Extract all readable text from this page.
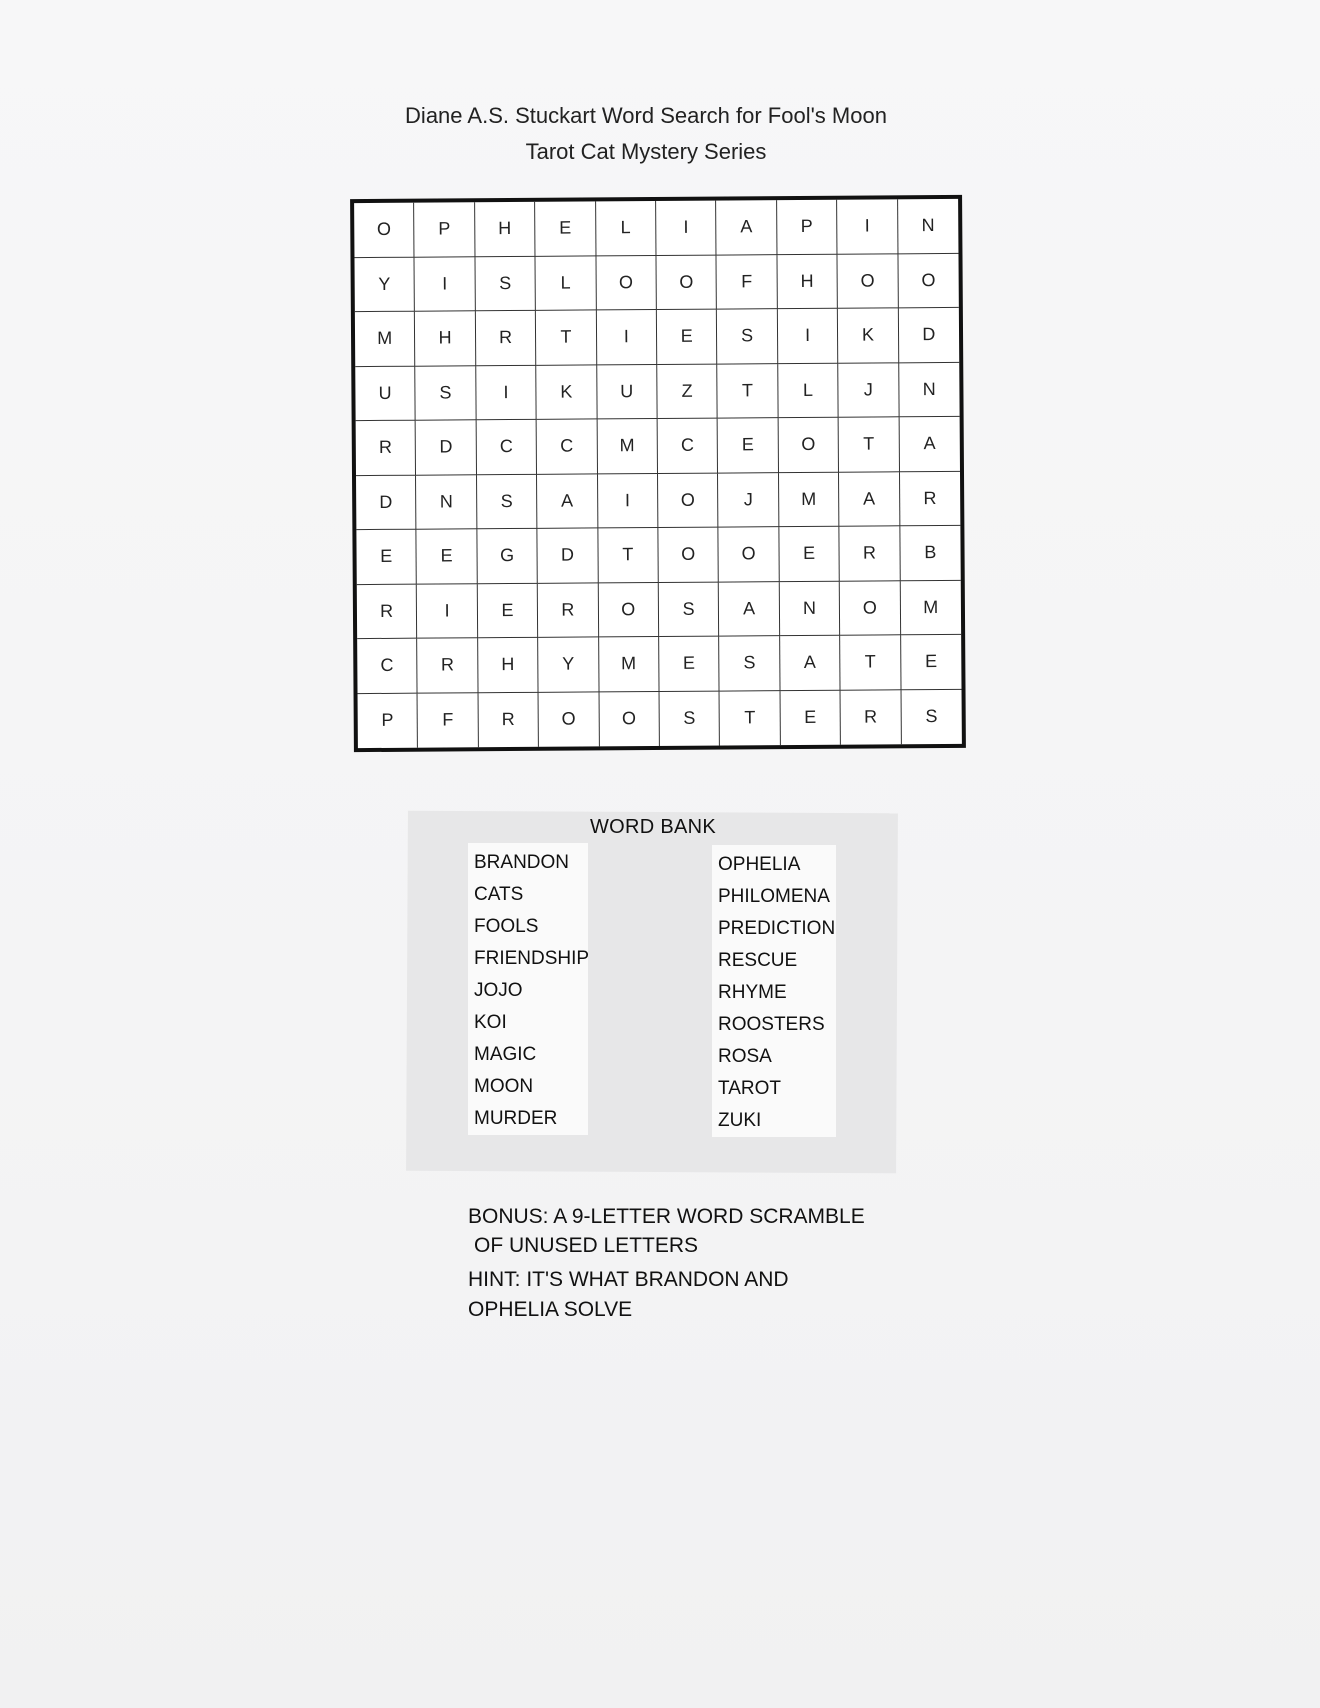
Diane A.S. Stuckart Word Search for Fool's Moon
Tarot Cat Mystery Series
O	P	H	E	L	I	A	P	I	N
Y	I	S	L	O	O	F	H	O	O
M	H	R	T	I	E	S	I	K	D
U	S	I	K	U	Z	T	L	J	N
R	D	C	C	M	C	E	O	T	A
D	N	S	A	I	O	J	M	A	R
E	E	G	D	T	O	O	E	R	B
R	I	E	R	O	S	A	N	O	M
C	R	H	Y	M	E	S	A	T	E
P	F	R	O	O	S	T	E	R	S
WORD BANK
BRANDON
CATS
FOOLS
FRIENDSHIP
JOJO
KOI
MAGIC
MOON
MURDER
OPHELIA
PHILOMENA
PREDICTION
RESCUE
RHYME
ROOSTERS
ROSA
TAROT
ZUKI
BONUS: A 9-LETTER WORD SCRAMBLE
OF UNUSED LETTERS
HINT: IT'S WHAT BRANDON AND
OPHELIA SOLVE
